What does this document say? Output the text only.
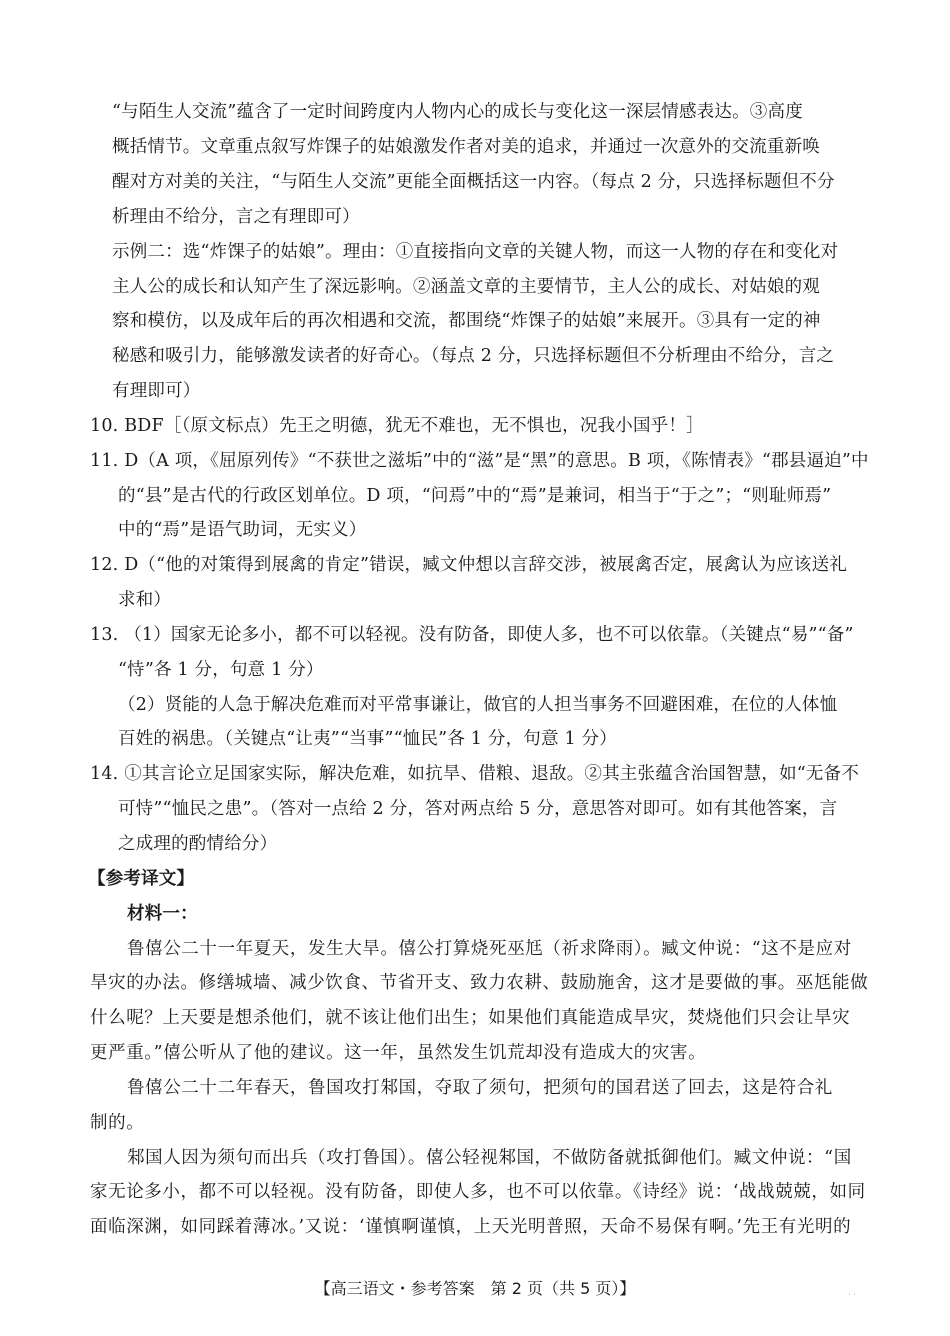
“与陌生人交流”蕴含了一定时间跨度内人物内心的成长与变化这一深层情感表达。③高度
概括情节。文章重点叙写炸馃子的姑娘激发作者对美的追求，并通过一次意外的交流重新唤
醒对方对美的关注，“与陌生人交流”更能全面概括这一内容。（每点 2 分，只选择标题但不分
析理由不给分，言之有理即可）
示例二：选“炸馃子的姑娘”。理由：①直接指向文章的关键人物，而这一人物的存在和变化对
主人公的成长和认知产生了深远影响。②涵盖文章的主要情节，主人公的成长、对姑娘的观
察和模仿，以及成年后的再次相遇和交流，都围绕“炸馃子的姑娘”来展开。③具有一定的神
秘感和吸引力，能够激发读者的好奇心。（每点 2 分，只选择标题但不分析理由不给分，言之
有理即可）
10. BDF［（原文标点）先王之明德，犹无不难也，无不惧也，况我小国乎！］
11. D（A 项，《屈原列传》“不获世之滋垢”中的“滋”是“黑”的意思。B 项，《陈情表》“郡县逼迫”中
的“县”是古代的行政区划单位。D 项，“问焉”中的“焉”是兼词，相当于“于之”；“则耻师焉”
中的“焉”是语气助词，无实义）
12. D（“他的对策得到展禽的肯定”错误，臧文仲想以言辞交涉，被展禽否定，展禽认为应该送礼
求和）
13. （1）国家无论多小，都不可以轻视。没有防备，即使人多，也不可以依靠。（关键点“易”“备”
“恃”各 1 分，句意 1 分）
（2）贤能的人急于解决危难而对平常事谦让，做官的人担当事务不回避困难，在位的人体恤
百姓的祸患。（关键点“让夷”“当事”“恤民”各 1 分，句意 1 分）
14. ①其言论立足国家实际，解决危难，如抗旱、借粮、退敌。②其主张蕴含治国智慧，如“无备不
可恃”“恤民之患”。（答对一点给 2 分，答对两点给 5 分，意思答对即可。如有其他答案，言
之成理的酌情给分）
【参考译文】
材料一：
鲁僖公二十一年夏天，发生大旱。僖公打算烧死巫尪（祈求降雨）。臧文仲说：“这不是应对
旱灾的办法。修缮城墙、减少饮食、节省开支、致力农耕、鼓励施舍，这才是要做的事。巫尪能做
什么呢？上天要是想杀他们，就不该让他们出生；如果他们真能造成旱灾，焚烧他们只会让旱灾
更严重。”僖公听从了他的建议。这一年，虽然发生饥荒却没有造成大的灾害。
鲁僖公二十二年春天，鲁国攻打邾国，夺取了须句，把须句的国君送了回去，这是符合礼
制的。
邾国人因为须句而出兵（攻打鲁国）。僖公轻视邾国，不做防备就抵御他们。臧文仲说：“国
家无论多小，都不可以轻视。没有防备，即使人多，也不可以依靠。《诗经》说：‘战战兢兢，如同
面临深渊，如同踩着薄冰。’又说：‘谨慎啊谨慎，上天光明普照，天命不易保有啊。’先王有光明的
【高三语文・参考答案　第 2 页（共 5 页）】	· ·
